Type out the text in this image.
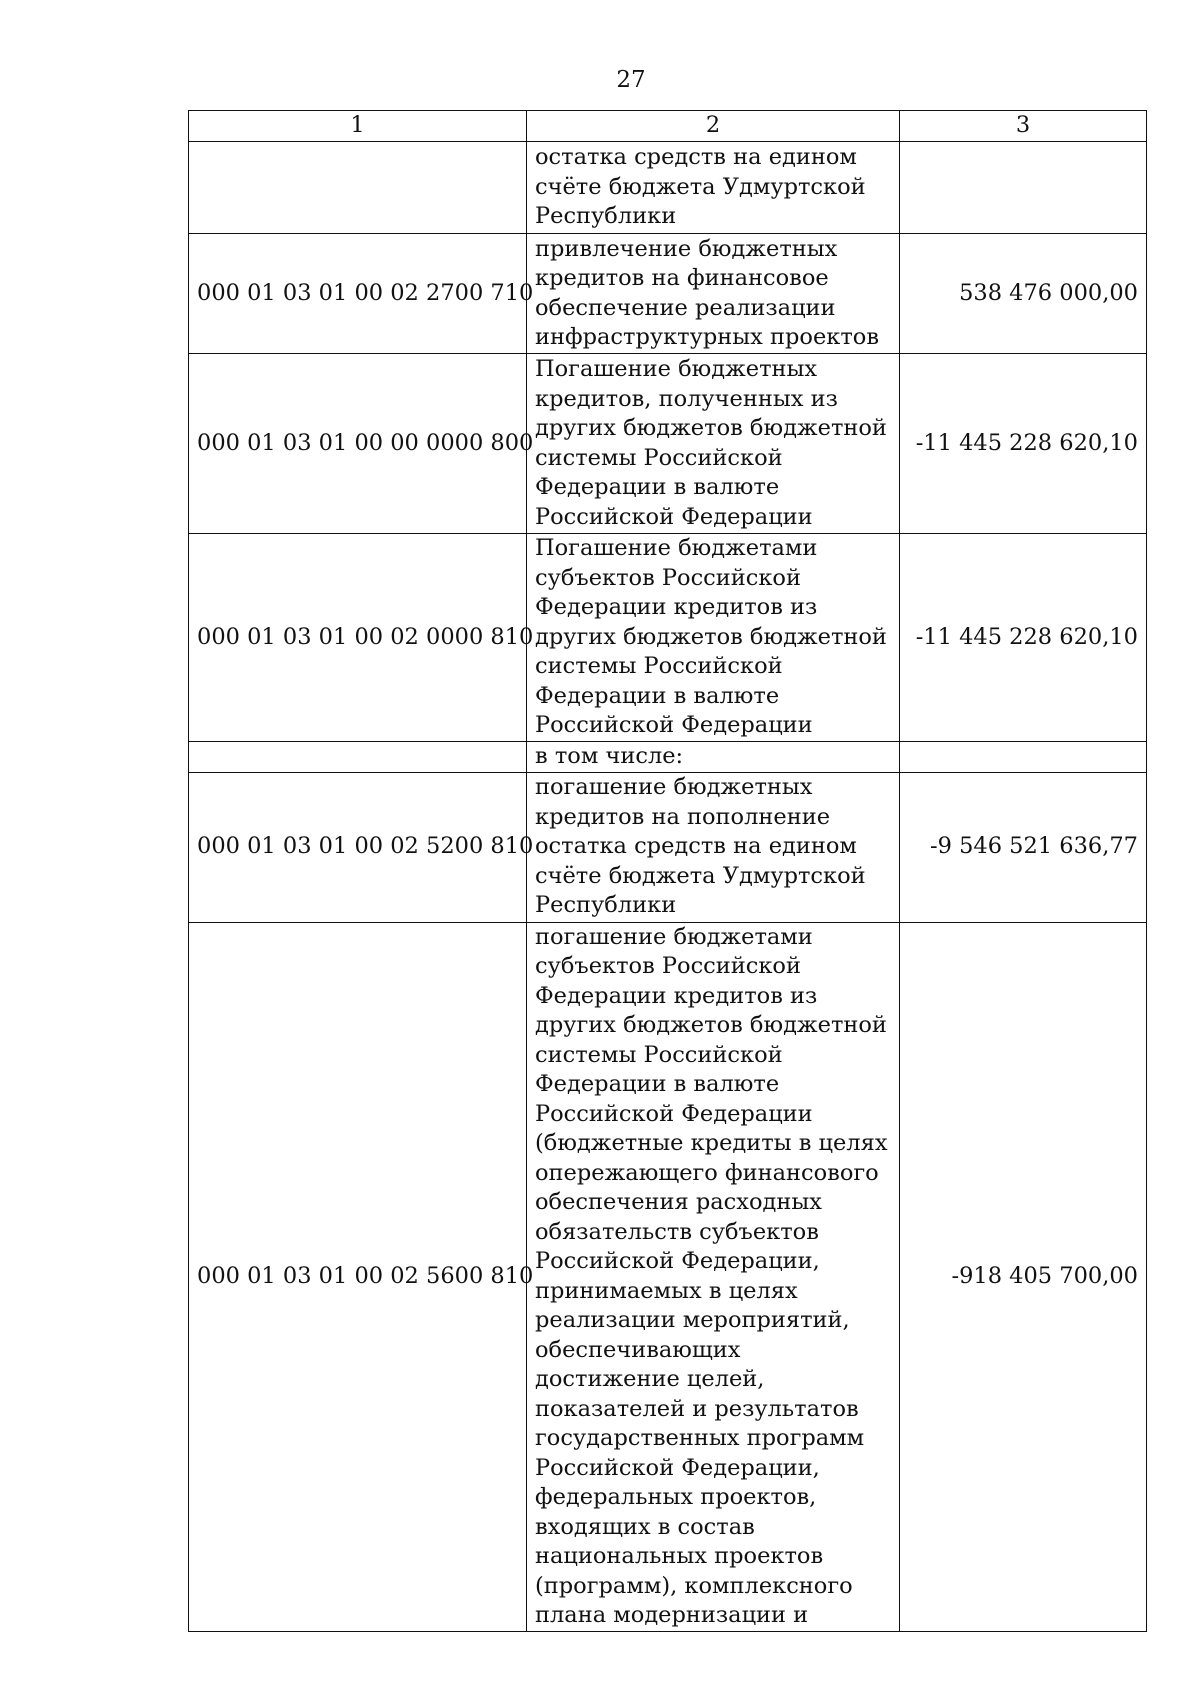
27
1	2	3
	остатка средств на едином счёте бюджета Удмуртской Республики	
000 01 03 01 00 02 2700 710	привлечение бюджетных кредитов на финансовое обеспечение реализации инфраструктурных проектов	538 476 000,00
000 01 03 01 00 00 0000 800	Погашение бюджетных кредитов, полученных из других бюджетов бюджетной системы Российской Федерации в валюте Российской Федерации	-11 445 228 620,10
000 01 03 01 00 02 0000 810	Погашение бюджетами субъектов Российской Федерации кредитов из других бюджетов бюджетной системы Российской Федерации в валюте Российской Федерации	-11 445 228 620,10
	в том числе:	
000 01 03 01 00 02 5200 810	погашение бюджетных кредитов на пополнение остатка средств на едином счёте бюджета Удмуртской Республики	-9 546 521 636,77
000 01 03 01 00 02 5600 810	погашение бюджетами субъектов Российской Федерации кредитов из других бюджетов бюджетной системы Российской Федерации в валюте Российской Федерации (бюджетные кредиты в целях опережающего финансового обеспечения расходных обязательств субъектов Российской Федерации, принимаемых в целях реализации мероприятий, обеспечивающих достижение целей, показателей и результатов государственных программ Российской Федерации, федеральных проектов, входящих в состав национальных проектов (программ), комплексного плана модернизации и	-918 405 700,00
